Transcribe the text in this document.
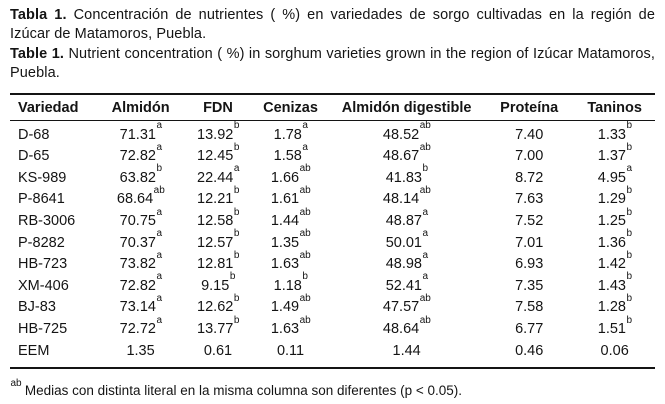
Tabla 1. Concentración de nutrientes ( %) en variedades de sorgo cultivadas en la región de Izúcar de Matamoros, Puebla.

Table 1. Nutrient concentration ( %) in sorghum varieties grown in the region of Izúcar Matamoros, Puebla.

Variedad	Almidón	FDN	Cenizas	Almidón digestible	Proteína	Taninos
D-68	71.31$^a$	13.92$^b$	1.78$^a$	48.52$^{ab}$	7.40	1.33$^b$
D-65	72.82$^a$	12.45$^b$	1.58$^a$	48.67$^{ab}$	7.00	1.37$^b$
KS-989	63.82$^b$	22.44$^a$	1.66$^{ab}$	41.83$^b$	8.72	4.95$^a$
P-8641	68.64$^{ab}$	12.21$^b$	1.61$^{ab}$	48.14$^{ab}$	7.63	1.29$^b$
RB-3006	70.75$^a$	12.58$^b$	1.44$^{ab}$	48.87$^a$	7.52	1.25$^b$
P-8282	70.37$^a$	12.57$^b$	1.35$^{ab}$	50.01$^a$	7.01	1.36$^b$
HB-723	73.82$^a$	12.81$^b$	1.63$^{ab}$	48.98$^a$	6.93	1.42$^b$
XM-406	72.82$^a$	9.15$^b$	1.18$^b$	52.41$^a$	7.35	1.43$^b$
BJ-83	73.14$^a$	12.62$^b$	1.49$^{ab}$	47.57$^{ab}$	7.58	1.28$^b$
HB-725	72.72$^a$	13.77$^b$	1.63$^{ab}$	48.64$^{ab}$	6.77	1.51$^b$
EEM	1.35	0.61	0.11	1.44	0.46	0.06

$^{ab}$ Medias con distinta literal en la misma columna son diferentes (p < 0.05).
